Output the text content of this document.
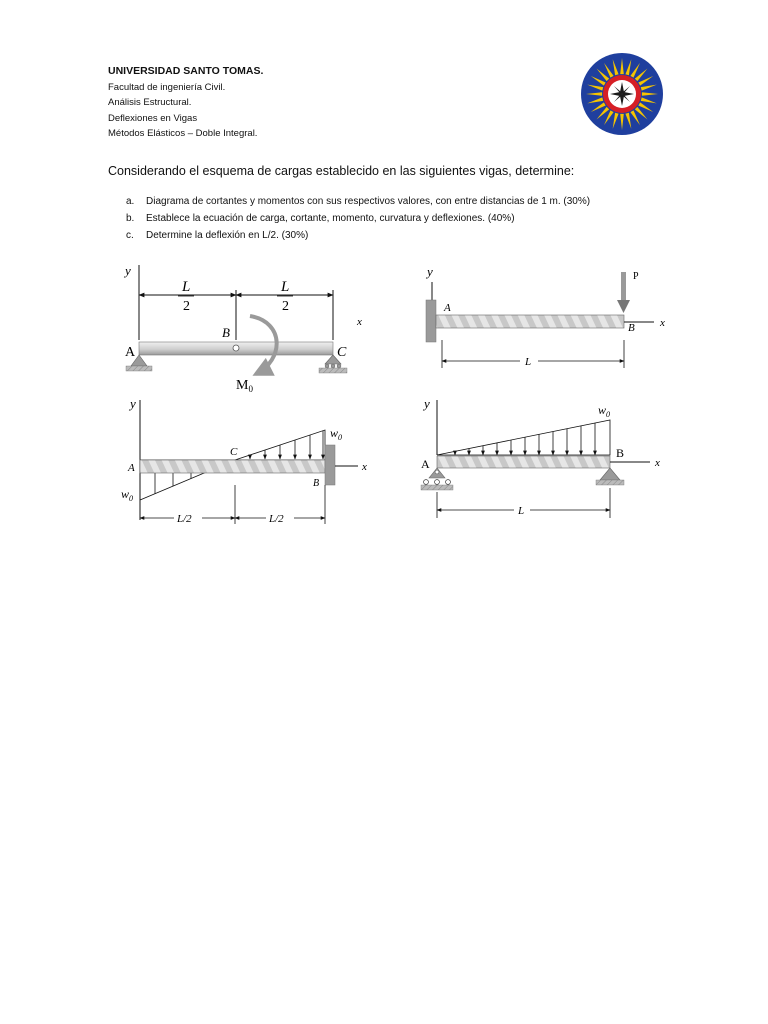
UNIVERSIDAD SANTO TOMAS.
Facultad de ingeniería Civil.
Análisis Estructural.
Deflexiones en Vigas
Métodos Elásticos – Doble Integral.
Considerando el esquema de cargas establecido en las siguientes vigas, determine:
a. Diagrama de cortantes y momentos con sus respectivos valores, con entre distancias de 1 m. (30%)
b. Establece la ecuación de carga, cortante, momento, curvatura y deflexiones. (40%)
c. Determine la deflexión en L/2. (30%)
y
L
2
L
2
x
A
B
C
$M_0$
y
A
B x
P
L
y
x
A
B
C
$w_0$
$w_0$
L/2	L/2
y	$w_0$
A
B
x
L
